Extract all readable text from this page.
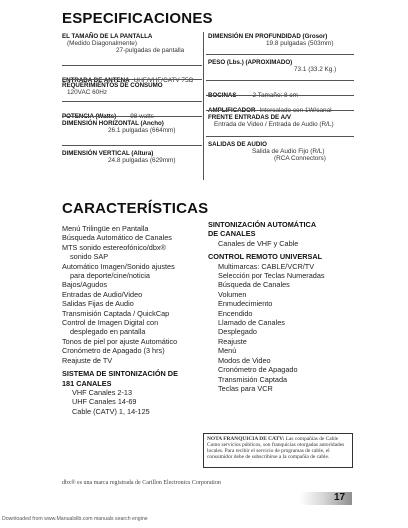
ESPECIFICACIONES
EL TAMAÑO DE LA PANTALLA
(Medido Diagonalmente)
27-pulgadas de pantalla
ENTRADA DE ANTENA UHF/VHF/CATV 75Ω
REQUERIMIENTOS DE CONSUMO
120VAC 60Hz
POTENCIA (Watts) 98 watts
DIMENSIÓN HORIZONTAL (Ancho)
26.1 pulgadas (664mm)
DIMENSIÓN VERTICAL (Altura)
24.8 pulgadas (629mm)
DIMENSIÓN EN PROFUNDIDAD (Grosor)
19.8 pulgadas (503mm)
PESO (Lbs.) (APROXIMADO)
73.1 (33.2 Kg.)
BOCINAS	2 Tamaño: 8 cm
AMPLIFICADOR Intercalado con 1W/canal
FRENTE ENTRADAS DE A/V
Entrada de Video / Entrada de Audio (R/L)
SALIDAS DE AUDIO
Salida de Audio Fijo (R/L)
(RCA Connectors)
CARACTERÍSTICAS
Menú Trilingüe en Pantalla
Búsqueda Automático de Canales
MTS sonido estereofónico/dbx®
sonido SAP
Automático Imagen/Sonido ajustes
para deporte/cine/noticia
Bajos/Agudos
Entradas de Audio/Video
Salidas Fijas de Audio
Transmisión Captada / QuickCap
Control de Imagen Digital con
desplegado en pantalla
Tonos de piel por ajuste Automático
Cronómetro de Apagado (3 hrs)
Reajuste de TV
SISTEMA DE SINTONIZACIÓN DE
181 CANALES
VHF Canales 2-13
UHF Canales 14-69
Cable (CATV) 1, 14-125
SINTONIZACIÓN AUTOMÁTICA
DE CANALES
Canales de VHF y Cable
CONTROL REMOTO UNIVERSAL
Multimarcas: CABLE/VCR/TV
Selección por Teclas Numeradas
Búsqueda de Canales
Volumen
Enmudecimiento
Encendido
Llamado de Canales
Desplegado
Reajuste
Menú
Modos de Video
Cronómetro de Apagado
Transmisión Captada
Teclas para VCR
NOTA FRANQUICIA DE CATV: Las compañías de Cable Como servicios públicos, son franquicias otorgadas autoridades locales. Para recibir el servicio de programas de cable, el consumidor debe de subscribirse a la compañía de cable.
dbx® es una marca registrada de Carillon Electronics Corporation
17
Downloaded from www.Manualslib.com manuals search engine
